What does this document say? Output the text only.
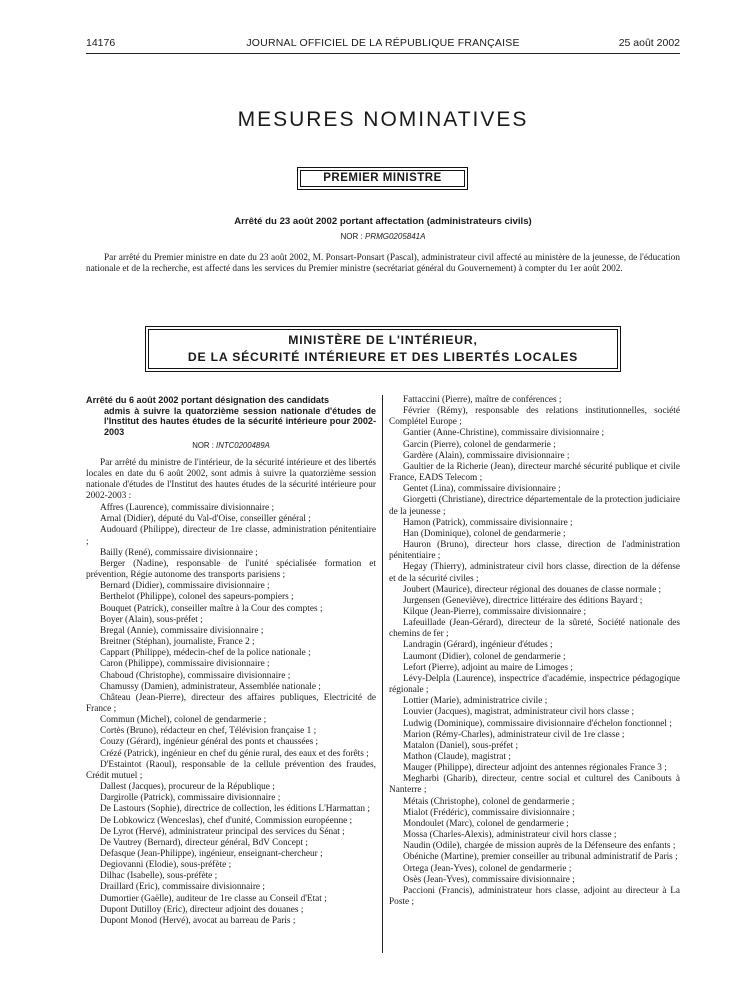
14176	JOURNAL OFFICIEL DE LA RÉPUBLIQUE FRANÇAISE	25 août 2002
MESURES NOMINATIVES
PREMIER MINISTRE
Arrêté du 23 août 2002 portant affectation (administrateurs civils)
NOR : PRMG0205841A

Par arrêté du Premier ministre en date du 23 août 2002, M. Ponsart-Ponsart (Pascal), administrateur civil affecté au ministère de la jeunesse, de l'éducation nationale et de la recherche, est affecté dans les services du Premier ministre (secrétariat général du Gouvernement) à compter du 1er août 2002.

MINISTÈRE DE L'INTÉRIEUR,
DE LA SÉCURITÉ INTÉRIEURE ET DES LIBERTÉS LOCALES

Arrêté du 6 août 2002 portant désignation des candidats
admis à suivre la quatorzième session nationale d'études de l'Institut des hautes études de la sécurité intérieure pour 2002-2003

NOR : INTC0200489A

Par arrêté du ministre de l'intérieur, de la sécurité intérieure et des libertés locales en date du 6 août 2002, sont admis à suivre la quatorzième session nationale d'études de l'Institut des hautes études de la sécurité intérieure pour 2002-2003 :

Affres (Laurence), commissaire divisionnaire ;
Arnal (Didier), député du Val-d'Oise, conseiller général ;
Audouard (Philippe), directeur de 1re classe, administration pénitentiaire ;
Bailly (René), commissaire divisionnaire ;
Berger (Nadine), responsable de l'unité spécialisée formation et prévention, Régie autonome des transports parisiens ;
Bernard (Didier), commissaire divisionnaire ;
Berthelot (Philippe), colonel des sapeurs-pompiers ;
Bouquet (Patrick), conseiller maître à la Cour des comptes ;
Boyer (Alain), sous-préfet ;
Bregal (Annie), commissaire divisionnaire ;
Breitner (Stéphan), journaliste, France 2 ;
Cappart (Philippe), médecin-chef de la police nationale ;
Caron (Philippe), commissaire divisionnaire ;
Chaboud (Christophe), commissaire divisionnaire ;
Chamussy (Damien), administrateur, Assemblée nationale ;
Château (Jean-Pierre), directeur des affaires publiques, Electricité de France ;
Commun (Michel), colonel de gendarmerie ;
Cortès (Bruno), rédacteur en chef, Télévision française 1 ;
Couzy (Gérard), ingénieur général des ponts et chaussées ;
Crézé (Patrick), ingénieur en chef du génie rural, des eaux et des forêts ;
D'Estaintot (Raoul), responsable de la cellule prévention des fraudes, Crédit mutuel ;
Dallest (Jacques), procureur de la République ;
Dargirolle (Patrick), commissaire divisionnaire ;
De Lastours (Sophie), directrice de collection, les éditions L'Harmattan ;
De Lobkowicz (Wenceslas), chef d'unité, Commission européenne ;
De Lyrot (Hervé), administrateur principal des services du Sénat ;
De Vautrey (Bernard), directeur général, BdV Concept ;
Defasque (Jean-Philippe), ingénieur, enseignant-chercheur ;
Degiovanni (Elodie), sous-préfète ;
Dilhac (Isabelle), sous-préfète ;
Draillard (Eric), commissaire divisionnaire ;
Dumortier (Gaëlle), auditeur de 1re classe au Conseil d'Etat ;
Dupont Dutilloy (Eric), directeur adjoint des douanes ;
Dupont Monod (Hervé), avocat au barreau de Paris ;
Fattaccini (Pierre), maître de conférences ;
Février (Rémy), responsable des relations institutionnelles, société Complétel Europe ;
Gantier (Anne-Christine), commissaire divisionnaire ;
Garcin (Pierre), colonel de gendarmerie ;
Gardère (Alain), commissaire divisionnaire ;
Gaultier de la Richerie (Jean), directeur marché sécurité publique et civile France, EADS Telecom ;
Gentet (Lina), commissaire divisionnaire ;
Giorgetti (Christiane), directrice départementale de la protection judiciaire de la jeunesse ;
Hamon (Patrick), commissaire divisionnaire ;
Han (Dominique), colonel de gendarmerie ;
Hauron (Bruno), directeur hors classe, direction de l'administration pénitentiaire ;
Hegay (Thierry), administrateur civil hors classe, direction de la défense et de la sécurité civiles ;
Joubert (Maurice), directeur régional des douanes de classe normale ;
Jurgensen (Geneviève), directrice littéraire des éditions Bayard ;
Kilque (Jean-Pierre), commissaire divisionnaire ;
Lafeuillade (Jean-Gérard), directeur de la sûreté, Société nationale des chemins de fer ;
Landragin (Gérard), ingénieur d'études ;
Laumont (Didier), colonel de gendarmerie ;
Lefort (Pierre), adjoint au maire de Limoges ;
Lévy-Delpla (Laurence), inspectrice d'académie, inspectrice pédagogique régionale ;
Lottier (Marie), administratrice civile ;
Louvier (Jacques), magistrat, administrateur civil hors classe ;
Ludwig (Dominique), commissaire divisionnaire d'échelon fonctionnel ;
Marion (Rémy-Charles), administrateur civil de 1re classe ;
Matalon (Daniel), sous-préfet ;
Mathon (Claude), magistrat ;
Mauger (Philippe), directeur adjoint des antennes régionales France 3 ;
Megharbi (Gharib), directeur, centre social et culturel des Canibouts à Nanterre ;
Métais (Christophe), colonel de gendarmerie ;
Mialot (Frédéric), commissaire divisionnaire ;
Mondoulet (Marc), colonel de gendarmerie ;
Mossa (Charles-Alexis), administrateur civil hors classe ;
Naudin (Odile), chargée de mission auprès de la Défenseure des enfants ;
Obéniche (Martine), premier conseiller au tribunal administratif de Paris ;
Ortega (Jean-Yves), colonel de gendarmerie ;
Osès (Jean-Yves), commissaire divisionnaire ;
Paccioni (Francis), administrateur hors classe, adjoint au directeur à La Poste ;
